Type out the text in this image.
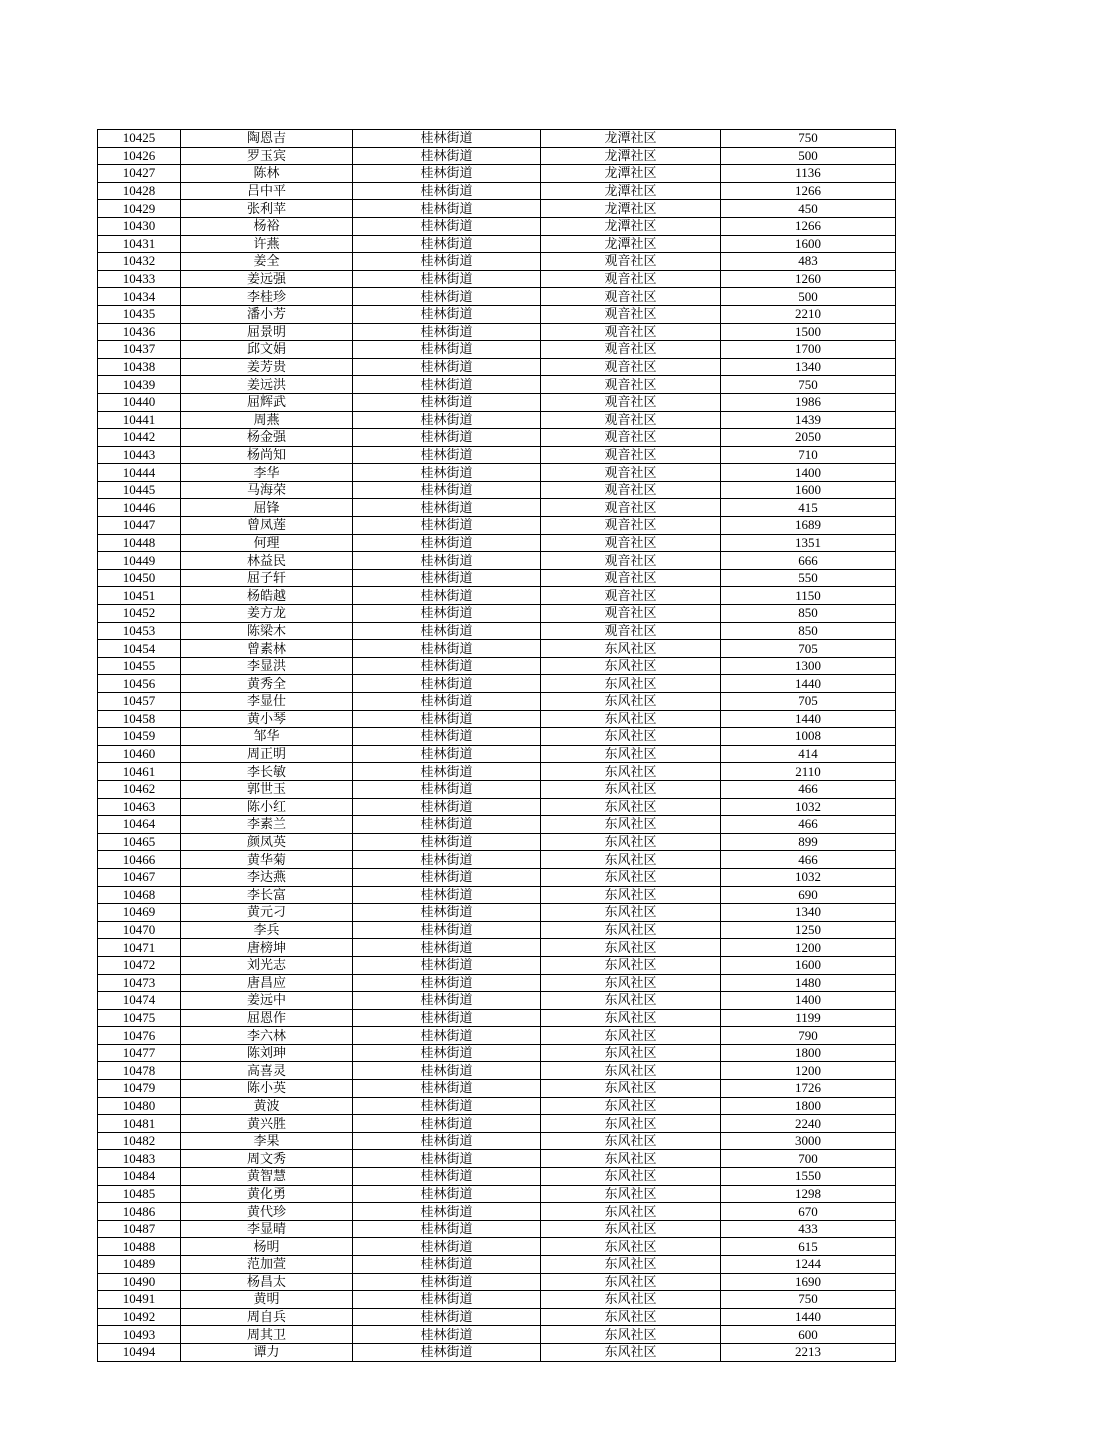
10425	陶恩吉	桂林街道	龙潭社区	750
10426	罗玉宾	桂林街道	龙潭社区	500
10427	陈林	桂林街道	龙潭社区	1136
10428	吕中平	桂林街道	龙潭社区	1266
10429	张利苹	桂林街道	龙潭社区	450
10430	杨裕	桂林街道	龙潭社区	1266
10431	许燕	桂林街道	龙潭社区	1600
10432	姜全	桂林街道	观音社区	483
10433	姜远强	桂林街道	观音社区	1260
10434	李桂珍	桂林街道	观音社区	500
10435	潘小芳	桂林街道	观音社区	2210
10436	屈景明	桂林街道	观音社区	1500
10437	邱文娟	桂林街道	观音社区	1700
10438	姜芳贵	桂林街道	观音社区	1340
10439	姜远洪	桂林街道	观音社区	750
10440	屈辉武	桂林街道	观音社区	1986
10441	周燕	桂林街道	观音社区	1439
10442	杨金强	桂林街道	观音社区	2050
10443	杨尚知	桂林街道	观音社区	710
10444	李华	桂林街道	观音社区	1400
10445	马海荣	桂林街道	观音社区	1600
10446	屈锋	桂林街道	观音社区	415
10447	曾凤莲	桂林街道	观音社区	1689
10448	何理	桂林街道	观音社区	1351
10449	林益民	桂林街道	观音社区	666
10450	屈子轩	桂林街道	观音社区	550
10451	杨皓越	桂林街道	观音社区	1150
10452	姜方龙	桂林街道	观音社区	850
10453	陈梁木	桂林街道	观音社区	850
10454	曾素林	桂林街道	东风社区	705
10455	李显洪	桂林街道	东风社区	1300
10456	黄秀全	桂林街道	东风社区	1440
10457	李显仕	桂林街道	东风社区	705
10458	黄小琴	桂林街道	东风社区	1440
10459	邹华	桂林街道	东风社区	1008
10460	周正明	桂林街道	东风社区	414
10461	李长敏	桂林街道	东风社区	2110
10462	郭世玉	桂林街道	东风社区	466
10463	陈小红	桂林街道	东风社区	1032
10464	李素兰	桂林街道	东风社区	466
10465	颜凤英	桂林街道	东风社区	899
10466	黄华菊	桂林街道	东风社区	466
10467	李达燕	桂林街道	东风社区	1032
10468	李长富	桂林街道	东风社区	690
10469	黄元刁	桂林街道	东风社区	1340
10470	李兵	桂林街道	东风社区	1250
10471	唐榜坤	桂林街道	东风社区	1200
10472	刘光志	桂林街道	东风社区	1600
10473	唐昌应	桂林街道	东风社区	1480
10474	姜远中	桂林街道	东风社区	1400
10475	屈恩作	桂林街道	东风社区	1199
10476	李六林	桂林街道	东风社区	790
10477	陈刘珅	桂林街道	东风社区	1800
10478	高喜灵	桂林街道	东风社区	1200
10479	陈小英	桂林街道	东风社区	1726
10480	黄波	桂林街道	东风社区	1800
10481	黄兴胜	桂林街道	东风社区	2240
10482	李果	桂林街道	东风社区	3000
10483	周文秀	桂林街道	东风社区	700
10484	黄智慧	桂林街道	东风社区	1550
10485	黄化勇	桂林街道	东风社区	1298
10486	黄代珍	桂林街道	东风社区	670
10487	李显晴	桂林街道	东风社区	433
10488	杨明	桂林街道	东风社区	615
10489	范加萱	桂林街道	东风社区	1244
10490	杨昌太	桂林街道	东风社区	1690
10491	黄明	桂林街道	东风社区	750
10492	周自兵	桂林街道	东风社区	1440
10493	周其卫	桂林街道	东风社区	600
10494	谭力	桂林街道	东风社区	2213
